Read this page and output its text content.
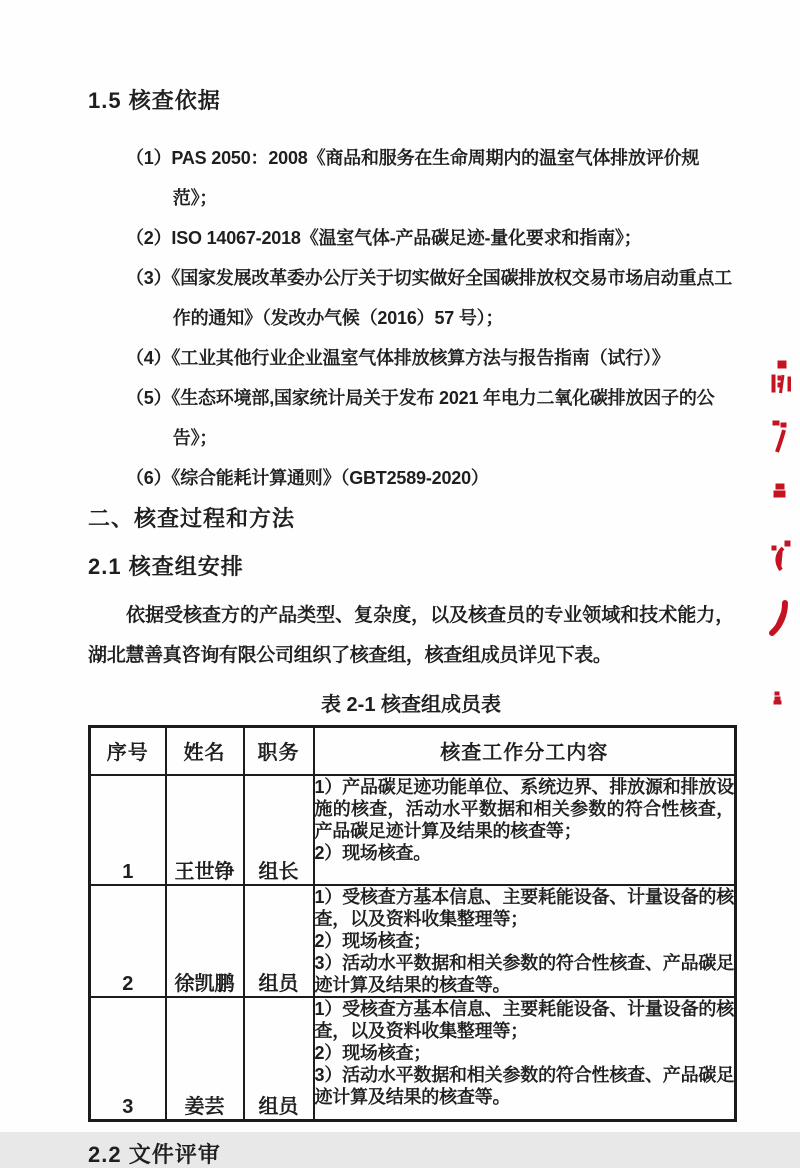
1.5 核查依据
（1）PAS 2050：2008《商品和服务在生命周期内的温室气体排放评价规范》；
（2）ISO 14067-2018《温室气体-产品碳足迹-量化要求和指南》；
（3）《国家发展改革委办公厅关于切实做好全国碳排放权交易市场启动重点工作的通知》（发改办气候（2016）57 号）；
（4）《工业其他行业企业温室气体排放核算方法与报告指南（试行）》
（5）《生态环境部,国家统计局关于发布 2021 年电力二氧化碳排放因子的公告》；
（6）《综合能耗计算通则》（GBT2589-2020）
二、核查过程和方法
2.1 核查组安排
依据受核查方的产品类型、复杂度，以及核查员的专业领域和技术能力，湖北慧善真咨询有限公司组织了核查组，核查组成员详见下表。
表 2-1 核查组成员表
序号	姓名	职务	核查工作分工内容
1	王世铮	组长	1）产品碳足迹功能单位、系统边界、排放源和排放设施的核查，活动水平数据和相关参数的符合性核查，产品碳足迹计算及结果的核查等；
2）现场核查。

2	徐凯鹏	组员	1）受核查方基本信息、主要耗能设备、计量设备的核查，以及资料收集整理等；
2）现场核查；
3）活动水平数据和相关参数的符合性核查、产品碳足迹计算及结果的核查等。

3	姜芸	组员	1）受核查方基本信息、主要耗能设备、计量设备的核查，以及资料收集整理等；
2）现场核查；
3）活动水平数据和相关参数的符合性核查、产品碳足迹计算及结果的核查等。
2.2 文件评审
